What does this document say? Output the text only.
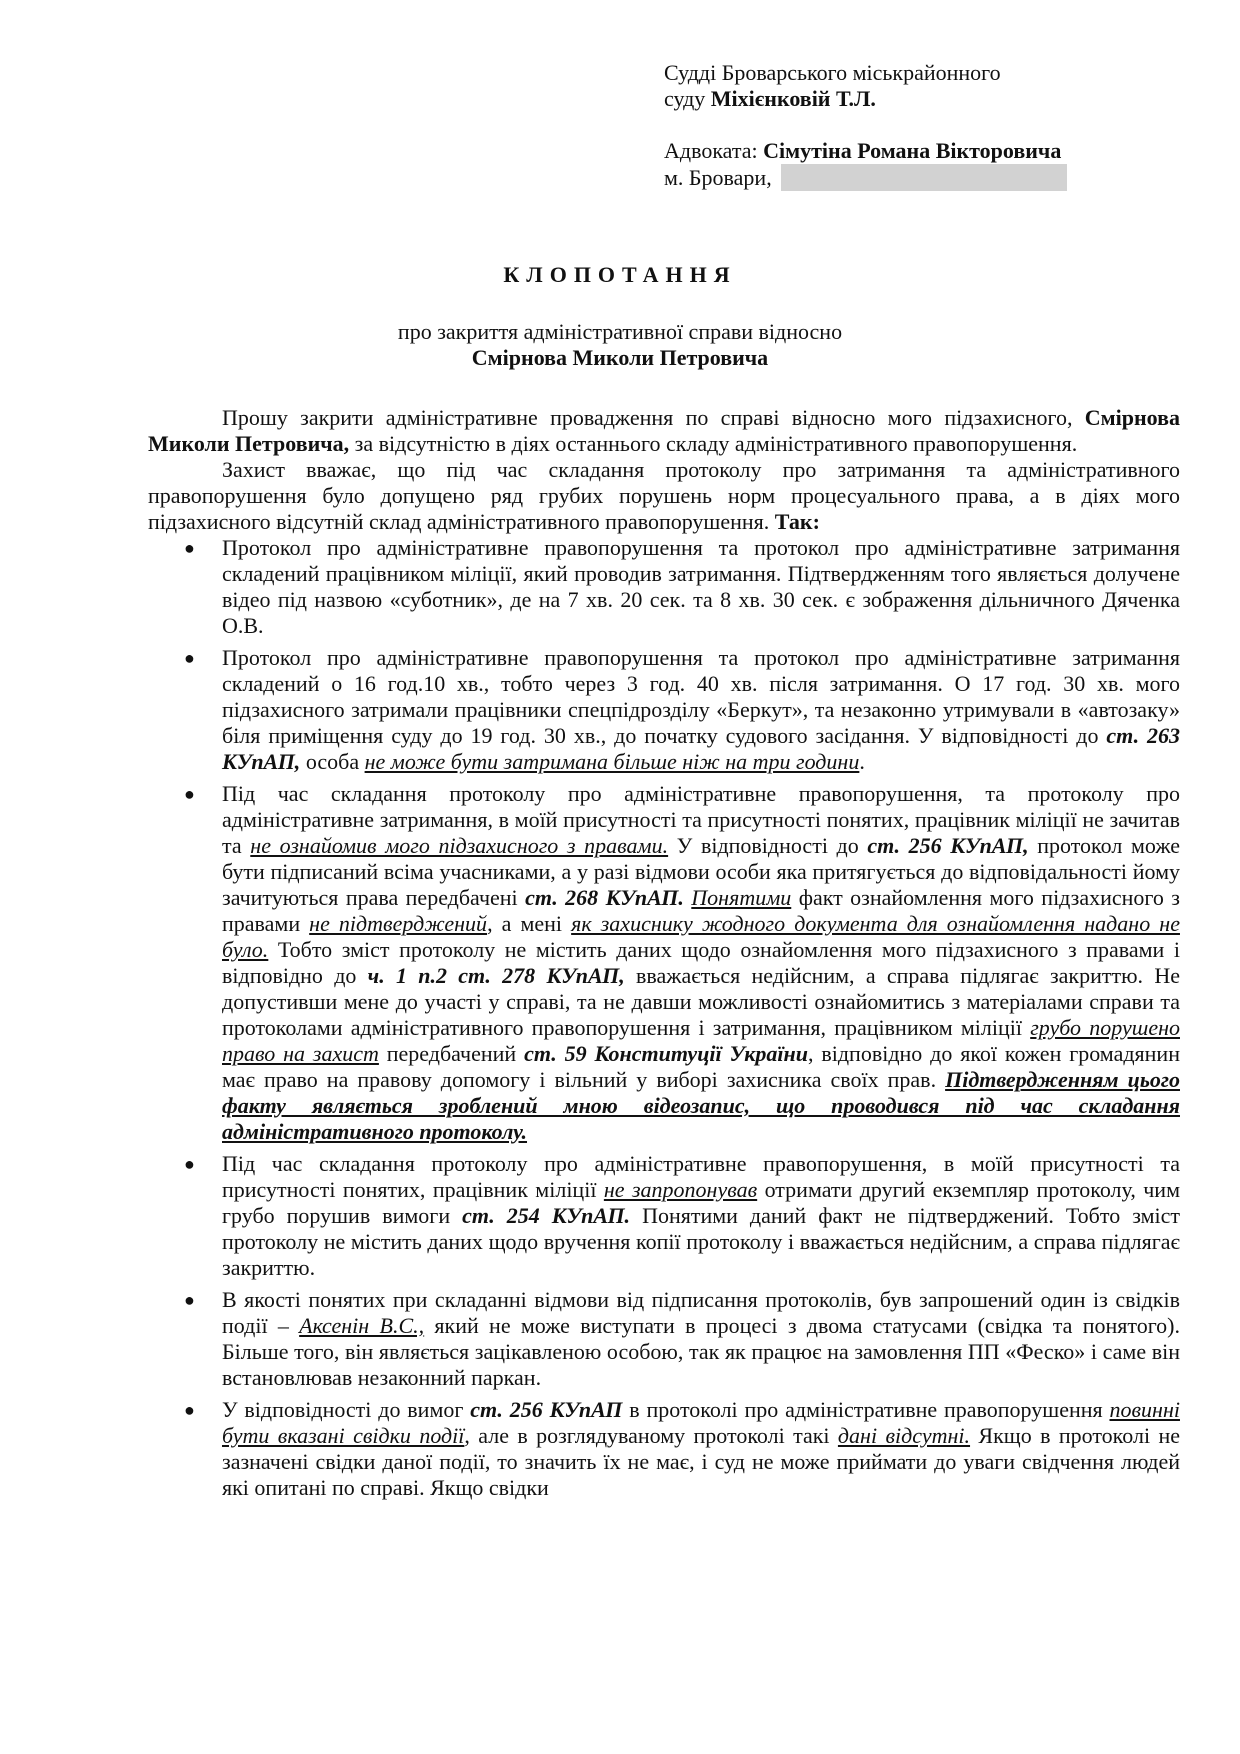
Судді Броварського міськрайонного
суду Міхієнковій Т.Л.
Адвоката: Сімутіна Романа Вікторовича
м. Бровари,
КЛОПОТАННЯ
про закриття адміністративної справи відносно
Смірнова Миколи Петровича

Прошу закрити адміністративне провадження по справі відносно мого підзахисного, Смірнова Миколи Петровича, за відсутністю в діях останнього складу адміністративного правопорушення.

Захист вважає, що під час складання протоколу про затримання та адміністративного правопорушення було допущено ряд грубих порушень норм процесуального права, а в діях мого підзахисного відсутній склад адміністративного правопорушення. Так:

● Протокол про адміністративне правопорушення та протокол про адміністративне затримання складений працівником міліції, який проводив затримання. Підтвердженням того являється долучене відео під назвою «суботник», де на 7 хв. 20 сек. та 8 хв. 30 сек. є зображення дільничного Дяченка О.В.
● Протокол про адміністративне правопорушення та протокол про адміністративне затримання складений о 16 год.10 хв., тобто через 3 год. 40 хв. після затримання. О 17 год. 30 хв. мого підзахисного затримали працівники спецпідрозділу «Беркут», та незаконно утримували в «автозаку» біля приміщення суду до 19 год. 30 хв., до початку судового засідання. У відповідності до ст. 263 КУпАП, особа не може бути затримана більше ніж на три години.
● Під час складання протоколу про адміністративне правопорушення, та протоколу про адміністративне затримання, в моїй присутності та присутності понятих, працівник міліції не зачитав та не ознайомив мого підзахисного з правами. У відповідності до ст. 256 КУпАП, протокол може бути підписаний всіма учасниками, а у разі відмови особи яка притягується до відповідальності йому зачитуються права передбачені ст. 268 КУпАП. Понятими факт ознайомлення мого підзахисного з правами не підтверджений, а мені як захиснику жодного документа для ознайомлення надано не було. Тобто зміст протоколу не містить даних щодо ознайомлення мого підзахисного з правами і відповідно до ч. 1 п.2 ст. 278 КУпАП, вважається недійсним, а справа підлягає закриттю. Не допустивши мене до участі у справі, та не давши можливості ознайомитись з матеріалами справи та протоколами адміністративного правопорушення і затримання, працівником міліції грубо порушено право на захист передбачений ст. 59 Конституції України, відповідно до якої кожен громадянин має право на правову допомогу і вільний у виборі захисника своїх прав. Підтвердженням цього факту являється зроблений мною відеозапис, що проводився під час складання адміністративного протоколу.
● Під час складання протоколу про адміністративне правопорушення, в моїй присутності та присутності понятих, працівник міліції не запропонував отримати другий екземпляр протоколу, чим грубо порушив вимоги ст. 254 КУпАП. Понятими даний факт не підтверджений. Тобто зміст протоколу не містить даних щодо вручення копії протоколу і вважається недійсним, а справа підлягає закриттю.
● В якості понятих при складанні відмови від підписання протоколів, був запрошений один із свідків події – Аксенін В.С., який не може виступати в процесі з двома статусами (свідка та понятого). Більше того, він являється зацікавленою особою, так як працює на замовлення ПП «Феско» і саме він встановлював незаконний паркан.
● У відповідності до вимог ст. 256 КУпАП в протоколі про адміністративне правопорушення повинні бути вказані свідки події, але в розглядуваному протоколі такі дані відсутні. Якщо в протоколі не зазначені свідки даної події, то значить їх не має, і суд не може приймати до уваги свідчення людей які опитані по справі. Якщо свідки
